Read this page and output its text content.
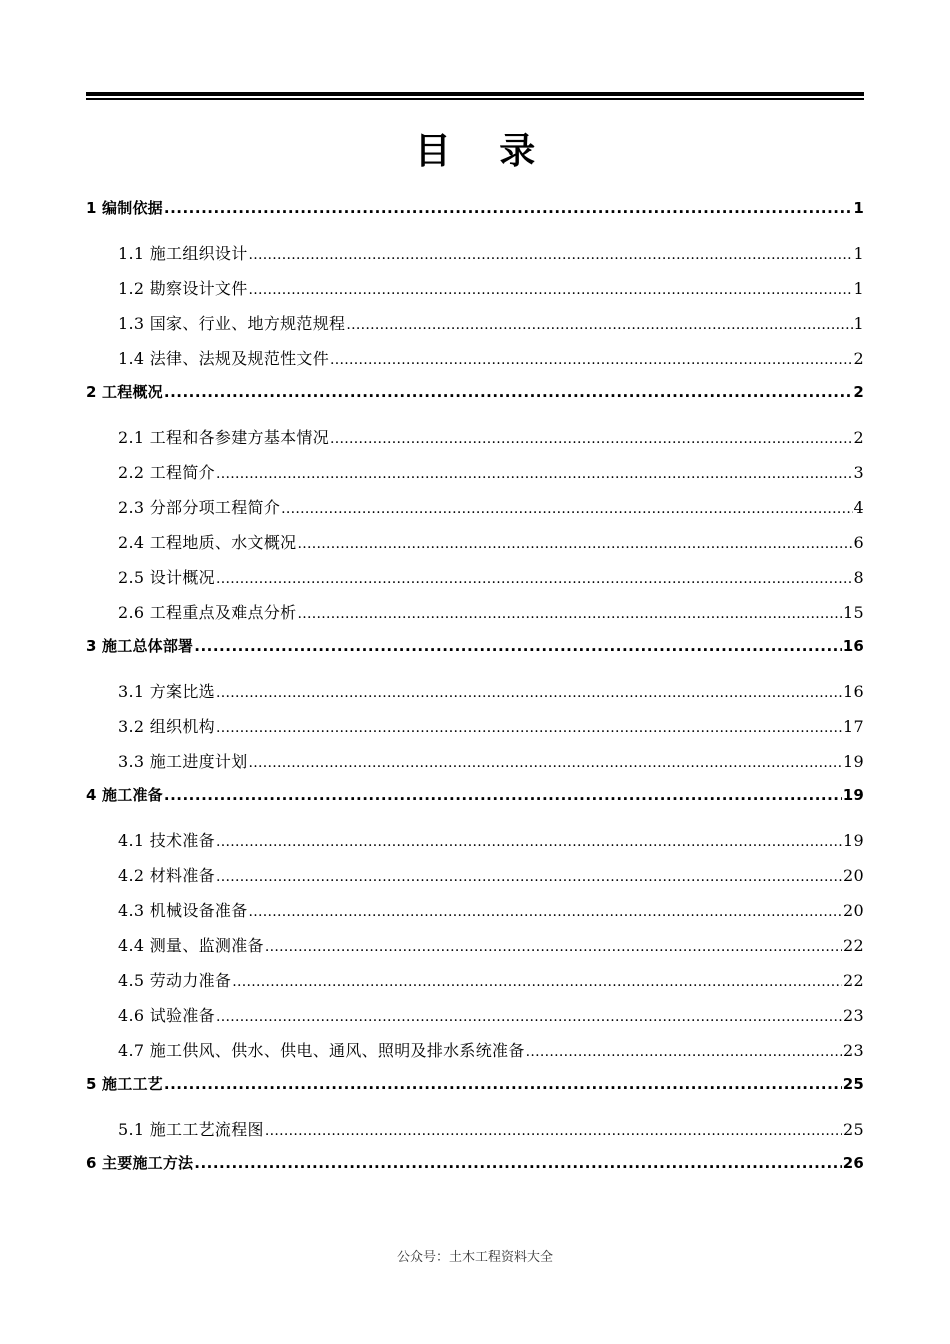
目 录
1 编制依据 .....	1
1.1 施工组织设计 .....	1
1.2 勘察设计文件 .....	1
1.3 国家、行业、地方规范规程 .....	1
1.4 法律、法规及规范性文件 .....	2
2 工程概况 .....	2
2.1 工程和各参建方基本情况 .....	2
2.2 工程简介 .....	3
2.3 分部分项工程简介 .....	4
2.4 工程地质、水文概况 .....	6
2.5 设计概况 .....	8
2.6 工程重点及难点分析 .....	15
3 施工总体部署 .....	16
3.1 方案比选 .....	16
3.2 组织机构 .....	17
3.3 施工进度计划 .....	19
4 施工准备 .....	19
4.1 技术准备 .....	19
4.2 材料准备 .....	20
4.3 机械设备准备 .....	20
4.4 测量、监测准备 .....	22
4.5 劳动力准备 .....	22
4.6 试验准备 .....	23
4.7 施工供风、供水、供电、通风、照明及排水系统准备 .....	23
5 施工工艺 .....	25
5.1 施工工艺流程图 .....	25
6 主要施工方法 .....	26
公众号：土木工程资料大全
